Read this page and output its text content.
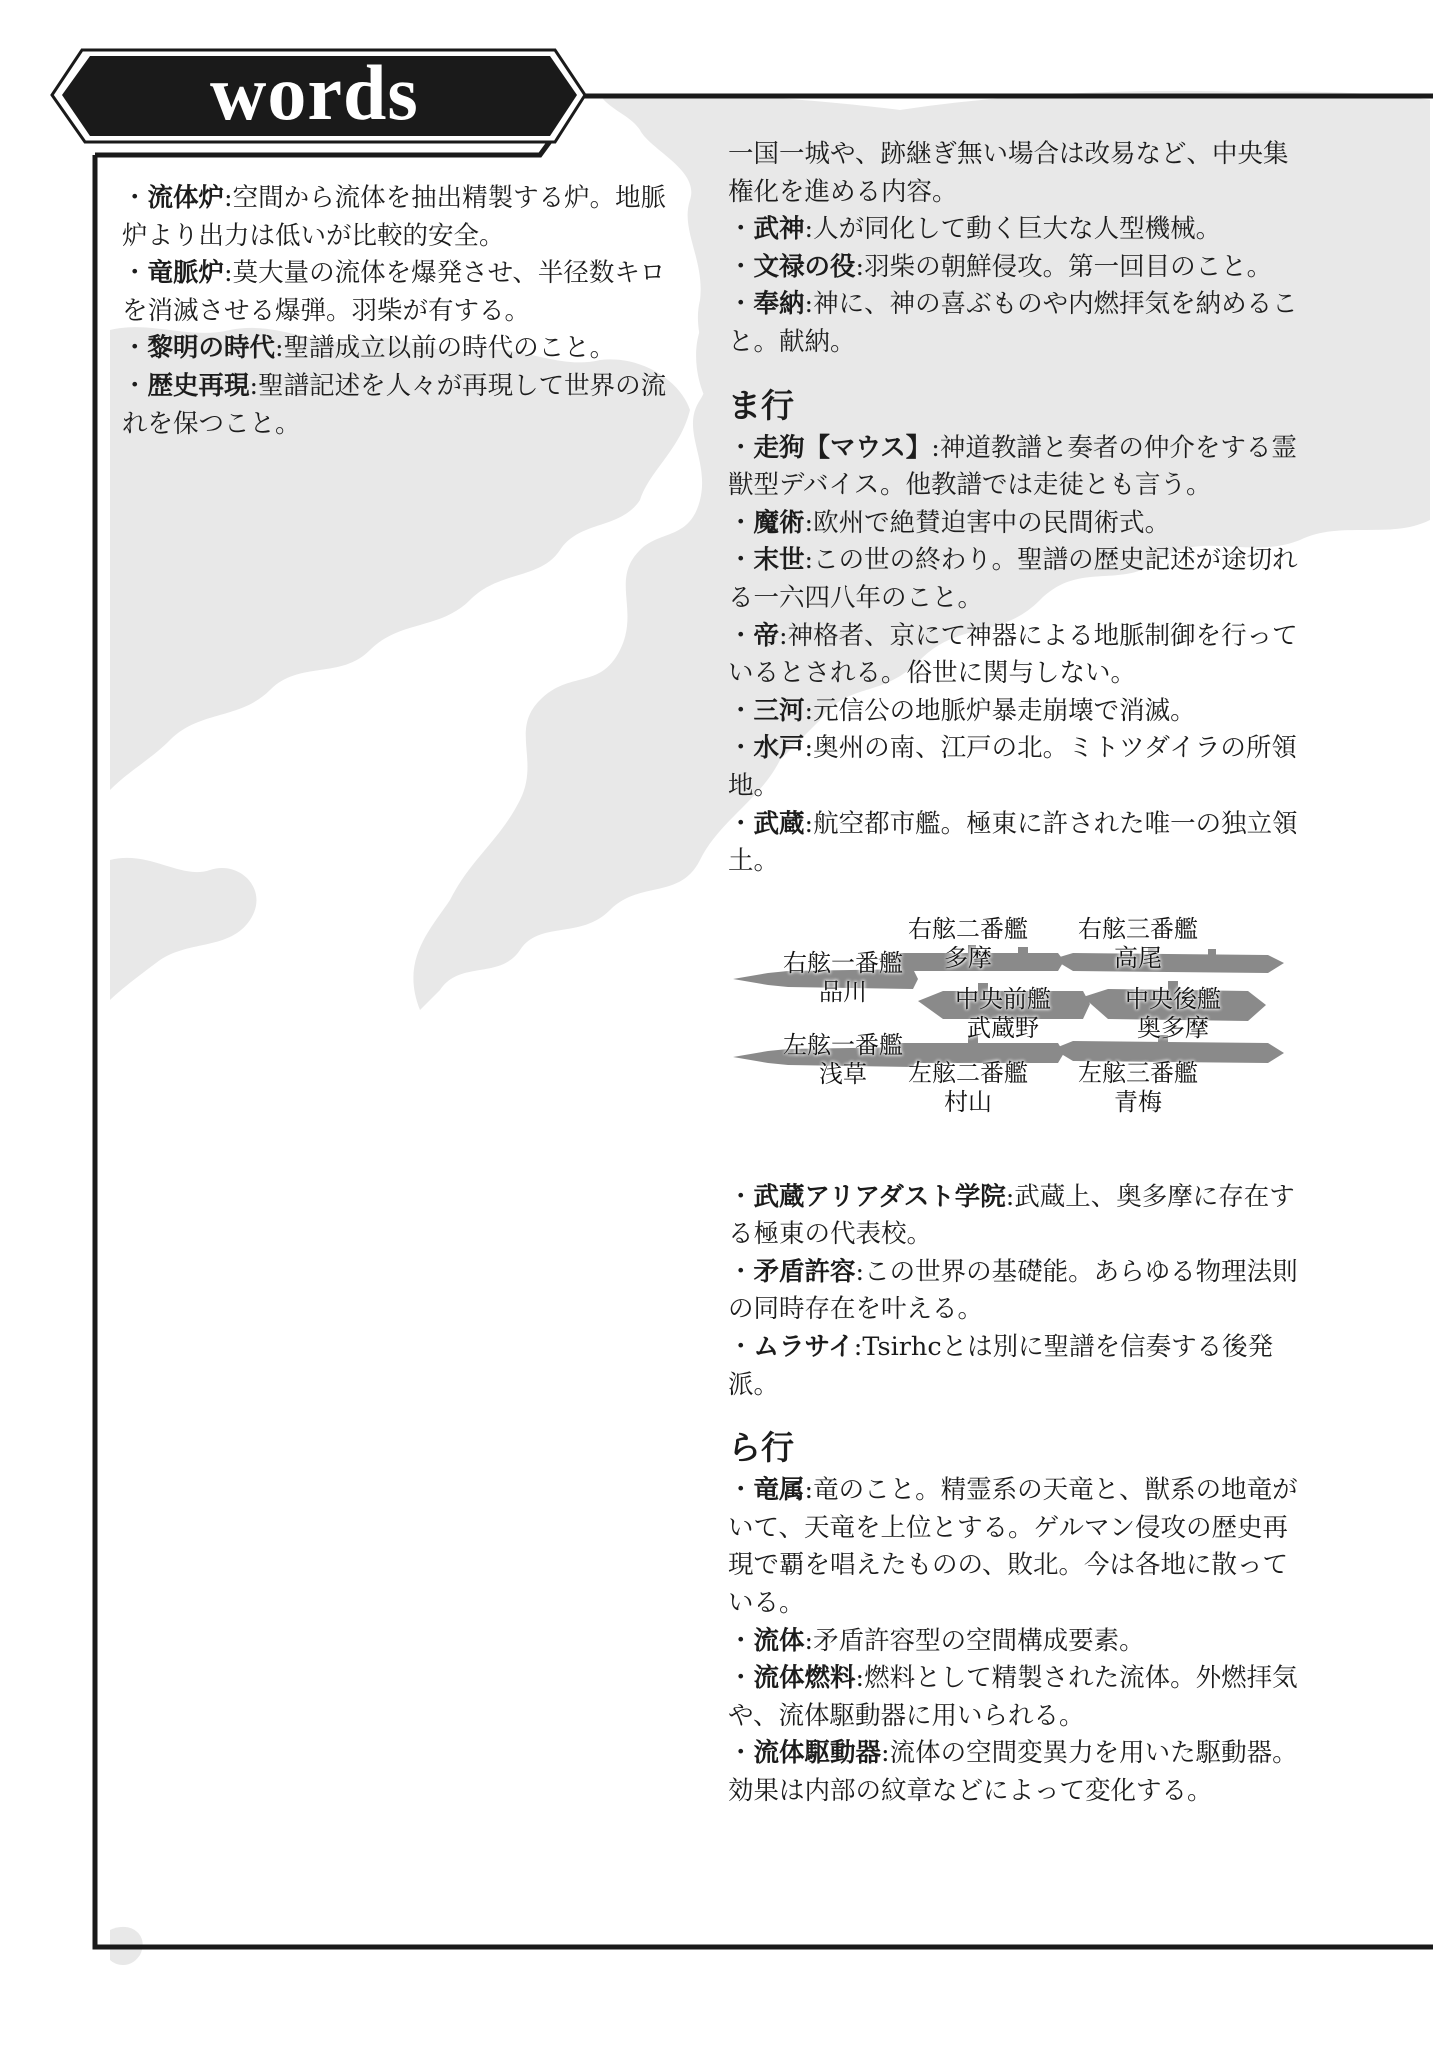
words

・流体炉:空間から流体を抽出精製する炉。地脈炉より出力は低いが比較的安全。

・竜脈炉:莫大量の流体を爆発させ、半径数キロを消滅させる爆弾。羽柴が有する。

・黎明の時代:聖譜成立以前の時代のこと。

・歴史再現:聖譜記述を人々が再現して世界の流れを保つこと。

一国一城や、跡継ぎ無い場合は改易など、中央集権化を進める内容。

・武神:人が同化して動く巨大な人型機械。

・文禄の役:羽柴の朝鮮侵攻。第一回目のこと。

・奉納:神に、神の喜ぶものや内燃拝気を納めること。献納。

ま行

・走狗【マウス】:神道教譜と奏者の仲介をする霊獣型デバイス。他教譜では走徒とも言う。

・魔術:欧州で絶賛迫害中の民間術式。

・末世:この世の終わり。聖譜の歴史記述が途切れる一六四八年のこと。

・帝:神格者、京にて神器による地脈制御を行っているとされる。俗世に関与しない。

・三河:元信公の地脈炉暴走崩壊で消滅。

・水戸:奥州の南、江戸の北。ミトツダイラの所領地。

・武蔵:航空都市艦。極東に許された唯一の独立領土。

右舷二番艦
多摩
右舷三番艦
高尾
右舷一番艦
品川	中央前艦
武蔵野
中央後艦
奥多摩
左舷一番艦
浅草	左舷二番艦
村山
左舷三番艦
青梅

・武蔵アリアダスト学院:武蔵上、奥多摩に存在する極東の代表校。

・矛盾許容:この世界の基礎能。あらゆる物理法則の同時存在を叶える。

・ムラサイ:Tsirhcとは別に聖譜を信奏する後発派。

ら行

・竜属:竜のこと。精霊系の天竜と、獣系の地竜がいて、天竜を上位とする。ゲルマン侵攻の歴史再現で覇を唱えたものの、敗北。今は各地に散っている。

・流体:矛盾許容型の空間構成要素。

・流体燃料:燃料として精製された流体。外燃拝気や、流体駆動器に用いられる。

・流体駆動器:流体の空間変異力を用いた駆動器。効果は内部の紋章などによって変化する。
